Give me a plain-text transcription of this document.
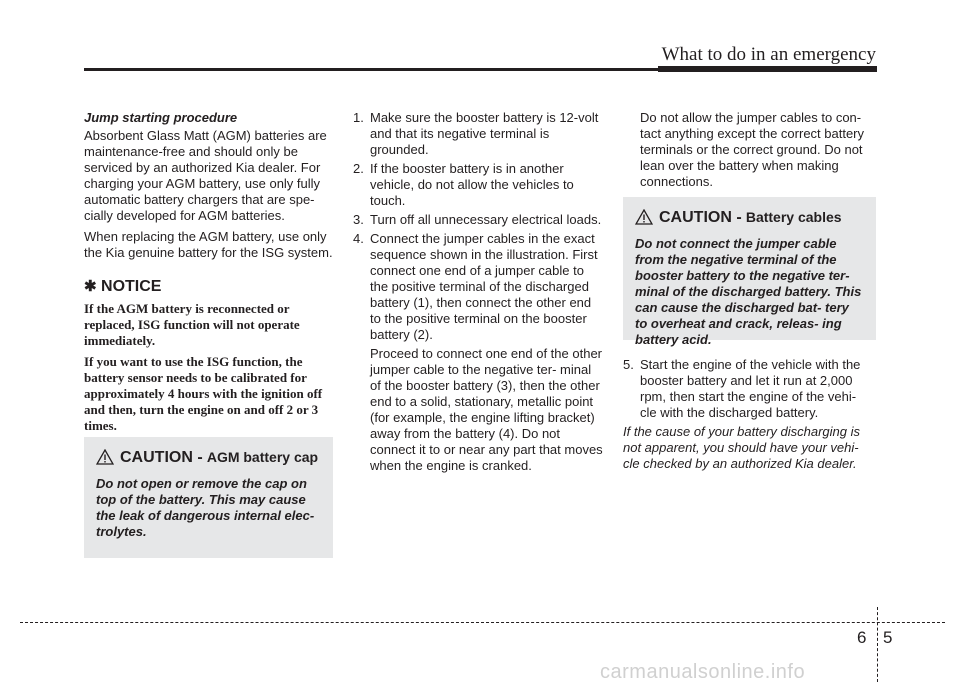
What to do in an emergency
Jump starting procedure

Absorbent Glass Matt (AGM) batteries are maintenance-free and should only be serviced by an authorized Kia dealer. For charging your AGM battery, use only fully automatic battery chargers that are spe- cially developed for AGM batteries.

When replacing the AGM battery, use only the Kia genuine battery for the ISG system.

✱ NOTICE

If the AGM battery is reconnected or replaced, ISG function will not operate immediately.

If you want to use the ISG function, the battery sensor needs to be calibrated for approximately 4 hours with the ignition off and then, turn the engine on and off 2 or 3 times.

CAUTION - AGM battery cap
Do not open or remove the cap on top of the battery. This may cause the leak of dangerous internal elec- trolytes.
1. Make sure the booster battery is 12-volt and that its negative terminal is grounded.

2. If the booster battery is in another vehicle, do not allow the vehicles to touch.

3. Turn off all unnecessary electrical loads.

4. Connect the jumper cables in the exact sequence shown in the illustration. First connect one end of a jumper cable to the positive terminal of the discharged battery (1), then connect the other end to the positive terminal on the booster battery (2).

Proceed to connect one end of the other jumper cable to the negative ter- minal of the booster battery (3), then the other end to a solid, stationary, metallic point (for example, the engine lifting bracket) away from the battery (4). Do not connect it to or near any part that moves when the engine is cranked.

Do not allow the jumper cables to con- tact anything except the correct battery terminals or the correct ground. Do not lean over the battery when making connections.

CAUTION - Battery cables
Do not connect the jumper cable from the negative terminal of the booster battery to the negative ter- minal of the discharged battery. This can cause the discharged bat- tery to overheat and crack, releas- ing battery acid.
5. Start the engine of the vehicle with the booster battery and let it run at 2,000 rpm, then start the engine of the vehi- cle with the discharged battery.

If the cause of your battery discharging is not apparent, you should have your vehi- cle checked by an authorized Kia dealer.

6 5
carmanualsonline.info
